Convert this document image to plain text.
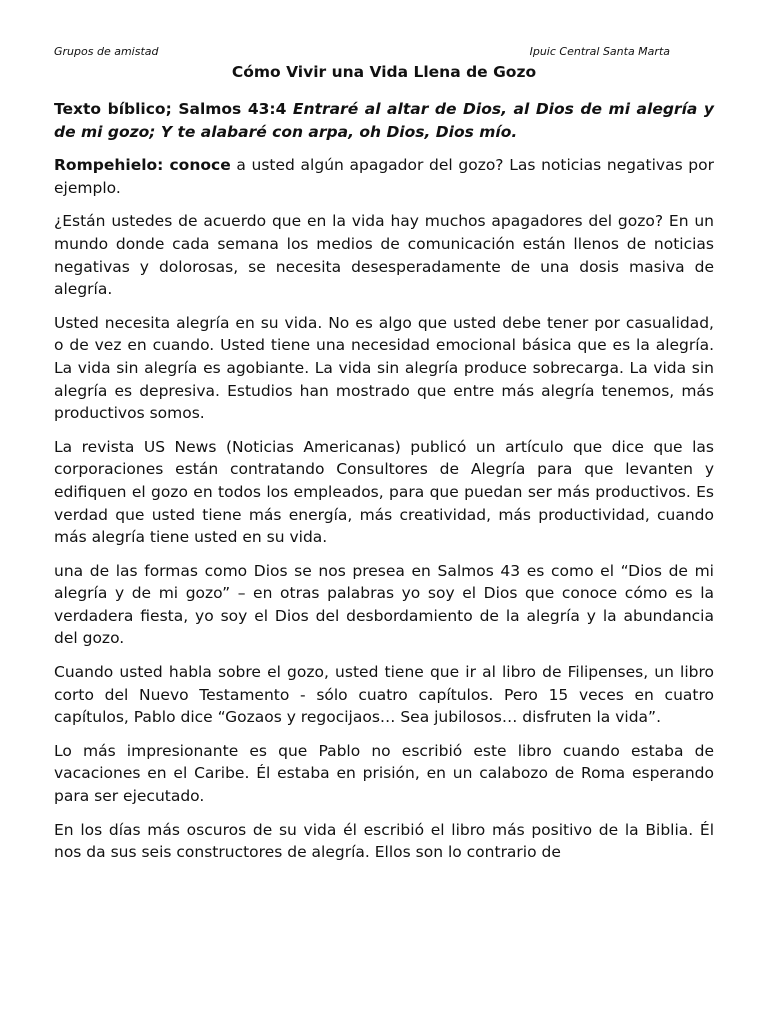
Grupos de amistad	Ipuic Central Santa Marta
Cómo Vivir una Vida Llena de Gozo

Texto bíblico; Salmos 43:4 Entraré al altar de Dios, al Dios de mi alegría y de mi gozo; Y te alabaré con arpa, oh Dios, Dios mío.

Rompehielo: conoce a usted algún apagador del gozo? Las noticias negativas por ejemplo.

¿Están ustedes de acuerdo que en la vida hay muchos apagadores del gozo? En un mundo donde cada semana los medios de comunicación están llenos de noticias negativas y dolorosas, se necesita desesperadamente de una dosis masiva de alegría.

Usted necesita alegría en su vida. No es algo que usted debe tener por casualidad, o de vez en cuando. Usted tiene una necesidad emocional básica que es la alegría. La vida sin alegría es agobiante. La vida sin alegría produce sobrecarga. La vida sin alegría es depresiva. Estudios han mostrado que entre más alegría tenemos, más productivos somos.

La revista US News (Noticias Americanas) publicó un artículo que dice que las corporaciones están contratando Consultores de Alegría para que levanten y edifiquen el gozo en todos los empleados, para que puedan ser más productivos. Es verdad que usted tiene más energía, más creatividad, más productividad, cuando más alegría tiene usted en su vida.

una de las formas como Dios se nos presea en Salmos 43 es como el “Dios de mi alegría y de mi gozo” – en otras palabras yo soy el Dios que conoce cómo es la verdadera fiesta, yo soy el Dios del desbordamiento de la alegría y la abundancia del gozo.

Cuando usted habla sobre el gozo, usted tiene que ir al libro de Filipenses, un libro corto del Nuevo Testamento - sólo cuatro capítulos. Pero 15 veces en cuatro capítulos, Pablo dice “Gozaos y regocijaos… Sea jubilosos… disfruten la vida”.

Lo más impresionante es que Pablo no escribió este libro cuando estaba de vacaciones en el Caribe. Él estaba en prisión, en un calabozo de Roma esperando para ser ejecutado.

En los días más oscuros de su vida él escribió el libro más positivo de la Biblia. Él nos da sus seis constructores de alegría. Ellos son lo contrario de
